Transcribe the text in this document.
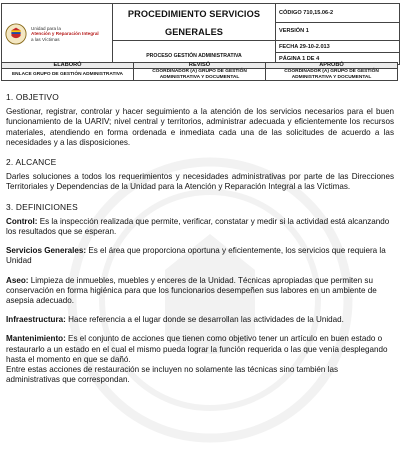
Unidad para la
Atención y Reparación Integral
a las Víctimas	PROCEDIMIENTO SERVICIOS GENERALES	CÓDIGO 710,15.06-2
		VERSIÓN 1
	PROCESO GESTIÓN ADMINISTRATIVA	FECHA 29-10-2.013
		PÁGINA 1 DE 4
ELABORÓ	REVISÓ	APROBÓ
ENLACE GRUPO DE GESTIÓN ADMINISTRATIVA	COORDINADOR (A) GRUPO DE GESTIÓN ADMINISTRATIVA Y DOCUMENTAL	COORDINADOR (A) GRUPO DE GESTIÓN ADMINISTRATIVA Y DOCUMENTAL
1. OBJETIVO
Gestionar, registrar, controlar y hacer seguimiento a la atención de los servicios necesarios para el buen funcionamiento de la UARIV; nivel central y territorios, administrar adecuada y eficientemente los recursos materiales, atendiendo en forma ordenada e inmediata cada una de las solicitudes de acuerdo a las necesidades y a las disposiciones.
2. ALCANCE
Darles soluciones a todos los requerimientos y necesidades administrativas por parte de las Direcciones Territoriales y Dependencias de la Unidad para la Atención y Reparación Integral a las Víctimas.
3. DEFINICIONES
Control: Es la inspección realizada que permite, verificar, constatar y medir si la actividad está alcanzando los resultados que se esperan.
Servicios Generales: Es el área que proporciona oportuna y eficientemente, los servicios que requiera la Unidad
Aseo: Limpieza de inmuebles, muebles y enceres de la Unidad. Técnicas apropiadas que permiten su conservación en forma higiénica para que los funcionarios desempeñen sus labores en un ambiente de asepsia adecuado.
Infraestructura: Hace referencia a el lugar donde se desarrollan las actividades de la Unidad.
Mantenimiento: Es el conjunto de acciones que tienen como objetivo tener un artículo en buen estado o restaurarlo a un estado en el cual el mismo pueda lograr la función requerida o las que venía desplegando hasta el momento en que se dañó.
Entre estas acciones de restauración se incluyen no solamente las técnicas sino también las administrativas que correspondan.
